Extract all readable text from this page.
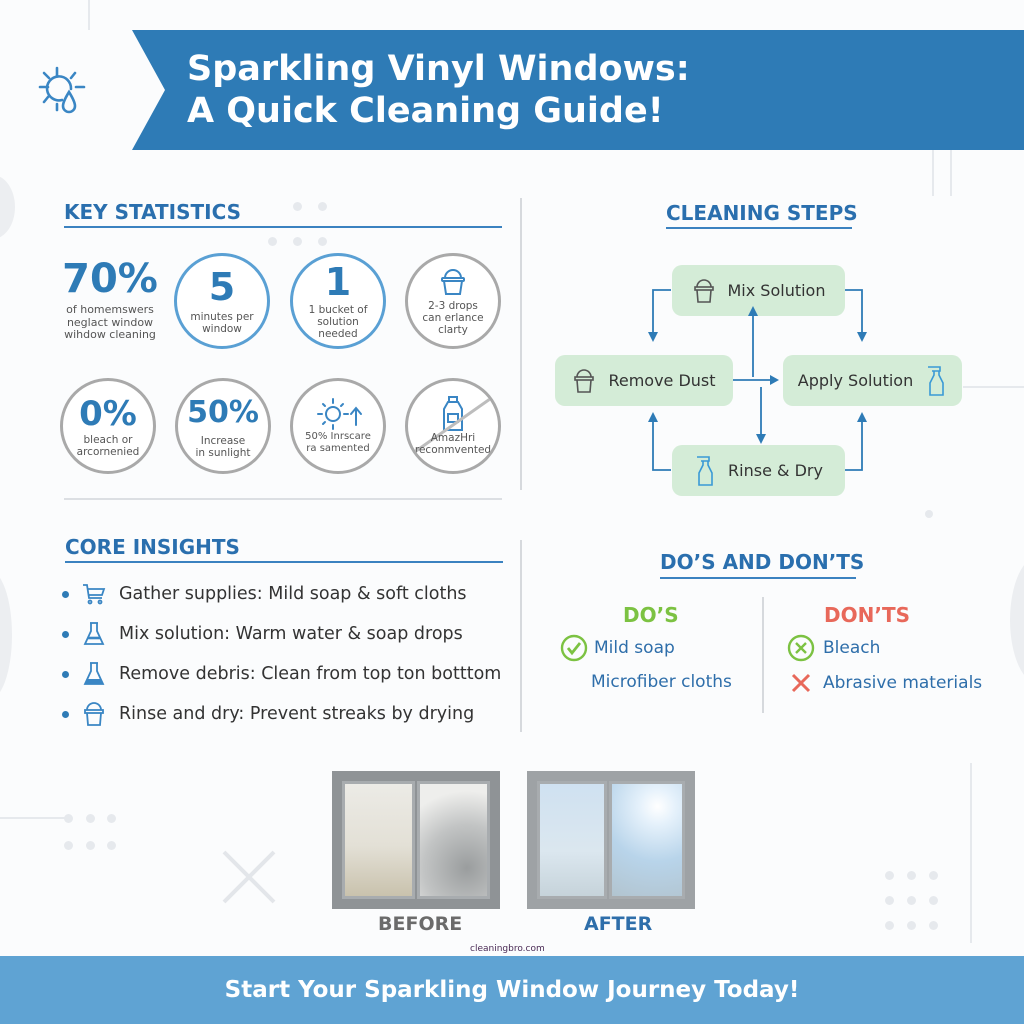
Sparkling Vinyl Windows:
A Quick Cleaning Guide!
KEY STATISTICS
70%
of homemswers
neglact window
wihdow cleaning
5
minutes per
window
1
1 bucket of
solution
needed
2-3 drops
can erlance
clarty
0%
bleach or
arcornenied
50%
Increase
in sunlight
50% Inrscare
ra samented
AmazHri
reconmvented
CLEANING STEPS
Mix Solution
Remove Dust	Apply Solution
Rinse & Dry
CORE INSIGHTS
Gather supplies: Mild soap & soft cloths
Mix solution: Warm water & soap drops
Remove debris: Clean from top ton botttom
Rinse and dry: Prevent streaks by drying
DO’S AND DON’TS
DO’S
Mild soap
Microfiber cloths
DON’TS
Bleach
Abrasive materials
BEFORE	AFTER
cleaningbro.com
Start Your Sparkling Window Journey Today!
